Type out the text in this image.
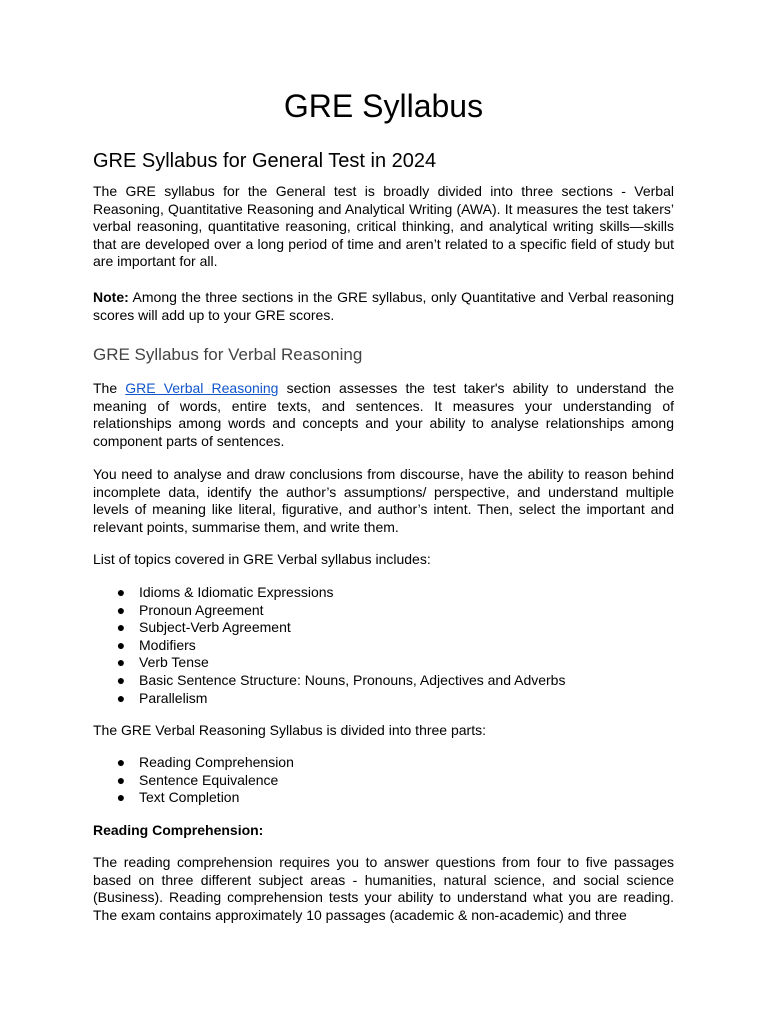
GRE Syllabus
GRE Syllabus for General Test in 2024

The GRE syllabus for the General test is broadly divided into three sections - Verbal Reasoning, Quantitative Reasoning and Analytical Writing (AWA). It measures the test takers’ verbal reasoning, quantitative reasoning, critical thinking, and analytical writing skills—skills that are developed over a long period of time and aren’t related to a specific field of study but are important for all.

Note: Among the three sections in the GRE syllabus, only Quantitative and Verbal reasoning scores will add up to your GRE scores.

GRE Syllabus for Verbal Reasoning

The GRE Verbal Reasoning section assesses the test taker's ability to understand the meaning of words, entire texts, and sentences. It measures your understanding of relationships among words and concepts and your ability to analyse relationships among component parts of sentences.

You need to analyse and draw conclusions from discourse, have the ability to reason behind incomplete data, identify the author’s assumptions/ perspective, and understand multiple levels of meaning like literal, figurative, and author’s intent. Then, select the important and relevant points, summarise them, and write them.

List of topics covered in GRE Verbal syllabus includes:

● Idioms & Idiomatic Expressions
● Pronoun Agreement
● Subject-Verb Agreement
● Modifiers
● Verb Tense
● Basic Sentence Structure: Nouns, Pronouns, Adjectives and Adverbs
● Parallelism

The GRE Verbal Reasoning Syllabus is divided into three parts:

● Reading Comprehension
● Sentence Equivalence
● Text Completion

Reading Comprehension:

The reading comprehension requires you to answer questions from four to five passages based on three different subject areas - humanities, natural science, and social science (Business). Reading comprehension tests your ability to understand what you are reading. The exam contains approximately 10 passages (academic & non-academic) and three
